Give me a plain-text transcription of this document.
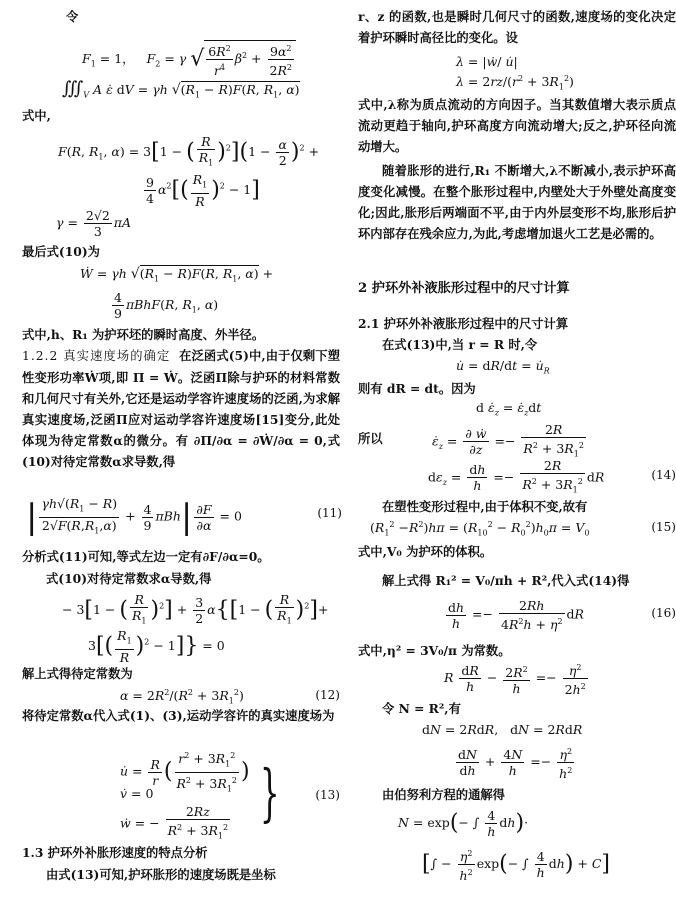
令
$F_1 = 1$，   $F_2 = \gamma$ √ $\frac{6R^2}{r^4} \beta^2 + \frac{9\alpha^2}{2R^2}$
$∭_V$ A ε̇ dV = γh $√(R_1 - R)F(R$, $R_1$, α)
式中,
F(R, $R_1$, α) = 3[1 − ( $\frac{R}{R_1} )^2](1 - \frac{\alpha}{2} )^2$ +
$\frac{9}{4} \alpha^2[( \frac{R_1}{R} )^2 - 1]$
$\gamma = \frac{2√2}{3}$ πA
最后式(10)为
Ẇ = γh $√(R_1 - R)F(R$, $R_1$, α) +
$\frac{4}{9} \pi BhF(R$, $R_1$, α)
式中,h、R₁ 为护环坯的瞬时高度、外半径。
1.2.2 真实速度场的确定 在泛函式(5)中,由于仅剩下塑性变形功率Ẇ项,即 Π = Ẇ。泛函Π除与护环的材料常数和几何尺寸有关外,它还是运动学容许速度场的泛函,为求解真实速度场,泛函Π应对运动学容许速度场[15]变分,此处体现为待定常数α的微分。有 ∂Π/∂α = ∂Ẇ/∂α = 0,式(10)对待定常数α求导数,得
| $\frac{\gamma h√(R_1 - R)}{2√F(R,R_1,\alpha)} + \frac{4}{9} \pi Bh| \frac{\partial F}{\partial\alpha} = 0$	(11)
分析式(11)可知,等式左边一定有∂F/∂α=0。
式(10)对待定常数求α导数,得
− 3[1 − ( $\frac{R}{R_1} )^2] + \frac{3}{2} \alpha\{[1$ − ( $\frac{R}{R_1} )^2]+$
$3[( \frac{R_1}{R} )^2 - 1]\} = 0$
解上式得待定常数为
$\alpha = 2R^2/(R^2 + 3R_1^2)$	(12)
将待定常数α代入式(1)、(3),运动学容许的真实速度场为
u̇ = $\frac{R}{r}$ ( $\frac{r^2 + 3R_1^2}{R^2 + 3R_1^2}$ )
v̇ = 0
ẇ = − $\frac{2Rz}{R^2 + 3R_1^2}$ }	(13)
1.3 护环外补胀形速度的特点分析
由式(13)可知,护环胀形的速度场既是坐标
r、z 的函数,也是瞬时几何尺寸的函数,速度场的变化决定着护环瞬时高径比的变化。设
λ = |ẇ/ u̇|
$\lambda = 2rz/(r^2 + 3R_1^2)$
式中,λ称为质点流动的方向因子。当其数值增大表示质点流动更趋于轴向,护环高度方向流动增大;反之,护环径向流动增大。
随着胀形的进行,R₁ 不断增大,λ不断减小,表示护环高度变化减慢。在整个胀形过程中,内壁处大于外壁处高度变化;因此,胀形后两端面不平,由于内外层变形不均,胀形后护环内部存在残余应力,为此,考虑增加退火工艺是必需的。
2 护环外补液胀形过程中的尺寸计算
2.1 护环外补液胀形过程中的尺寸计算
在式(13)中,当 r = R 时,令
u̇ = $dR/dt = u̇_R$
则有 dR = dt。因为
d $\varepsiloṅ_z$ = $\varepsiloṅ_zdt$
所以	$\varepsiloṅ_z = \frac{\text{∂ ẇ}}{\partial z} =- \frac{2R}{R^2 + 3R_1^2}$
$d\varepsilon_z = \frac{dh}{h} =- \frac{2R}{R^2 + 3R_1^2}$ dR	(14)
在塑性变形过程中,由于体积不变,故有
$(R_1^2 -R^2)h\pi = (R_{10}^2 - R_0^2)h_0\pi = V_0$	(15)
式中,V₀ 为护环的体积。
解上式得 R₁² = V₀/πh + R²,代入式(14)得
$\frac{dh}{h} =- \frac{2Rh}{4R^2h + \eta^2}$ dR	(16)
式中,η² = 3V₀/π 为常数。
R $\frac{dR}{h} - \frac{2R^2}{h} =- \frac{\eta^2}{2h^2}$
令 N = R²,有
dN = 2RdR,   dN = 2RdR
$\frac{dN}{dh} + \frac{4N}{h} =- \frac{\eta^2}{h^2}$
由伯努利方程的通解得
N = exp(− ∫ $\frac{4}{h} dh)\cdot$
[∫ − $\frac{\eta^2}{h^2} \exp(-$ ∫ $\frac{4}{h} dh) + C$]
